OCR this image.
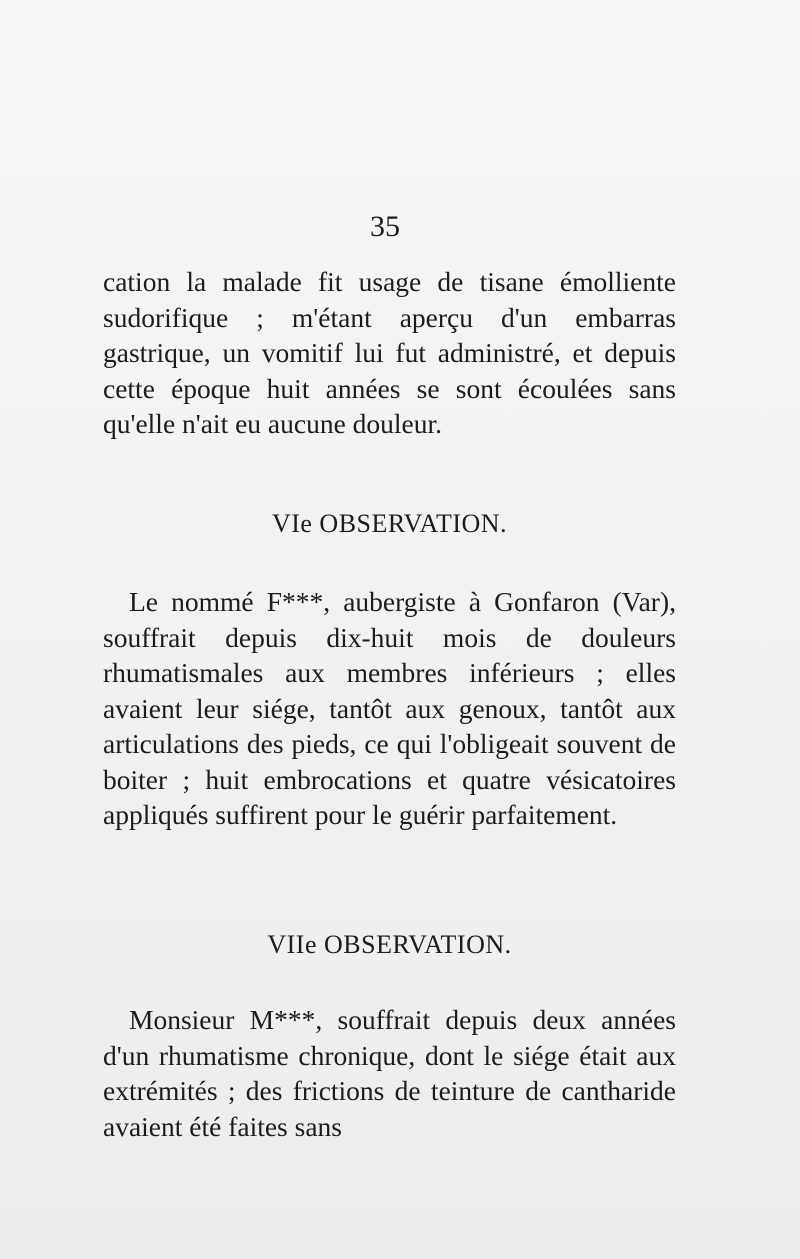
35

cation la malade fit usage de tisane émolliente sudorifique ; m'étant aperçu d'un embarras gastrique, un vomitif lui fut administré, et depuis cette époque huit années se sont écoulées sans qu'elle n'ait eu aucune douleur.

VIe OBSERVATION.

Le nommé F***, aubergiste à Gonfaron (Var), souffrait depuis dix-huit mois de douleurs rhumatismales aux membres inférieurs ; elles avaient leur siége, tantôt aux genoux, tantôt aux articulations des pieds, ce qui l'obligeait souvent de boiter ; huit embrocations et quatre vésicatoires appliqués suffirent pour le guérir parfaitement.

VIIe OBSERVATION.

Monsieur M***, souffrait depuis deux années d'un rhumatisme chronique, dont le siége était aux extrémités ; des frictions de teinture de cantharide avaient été faites sans
